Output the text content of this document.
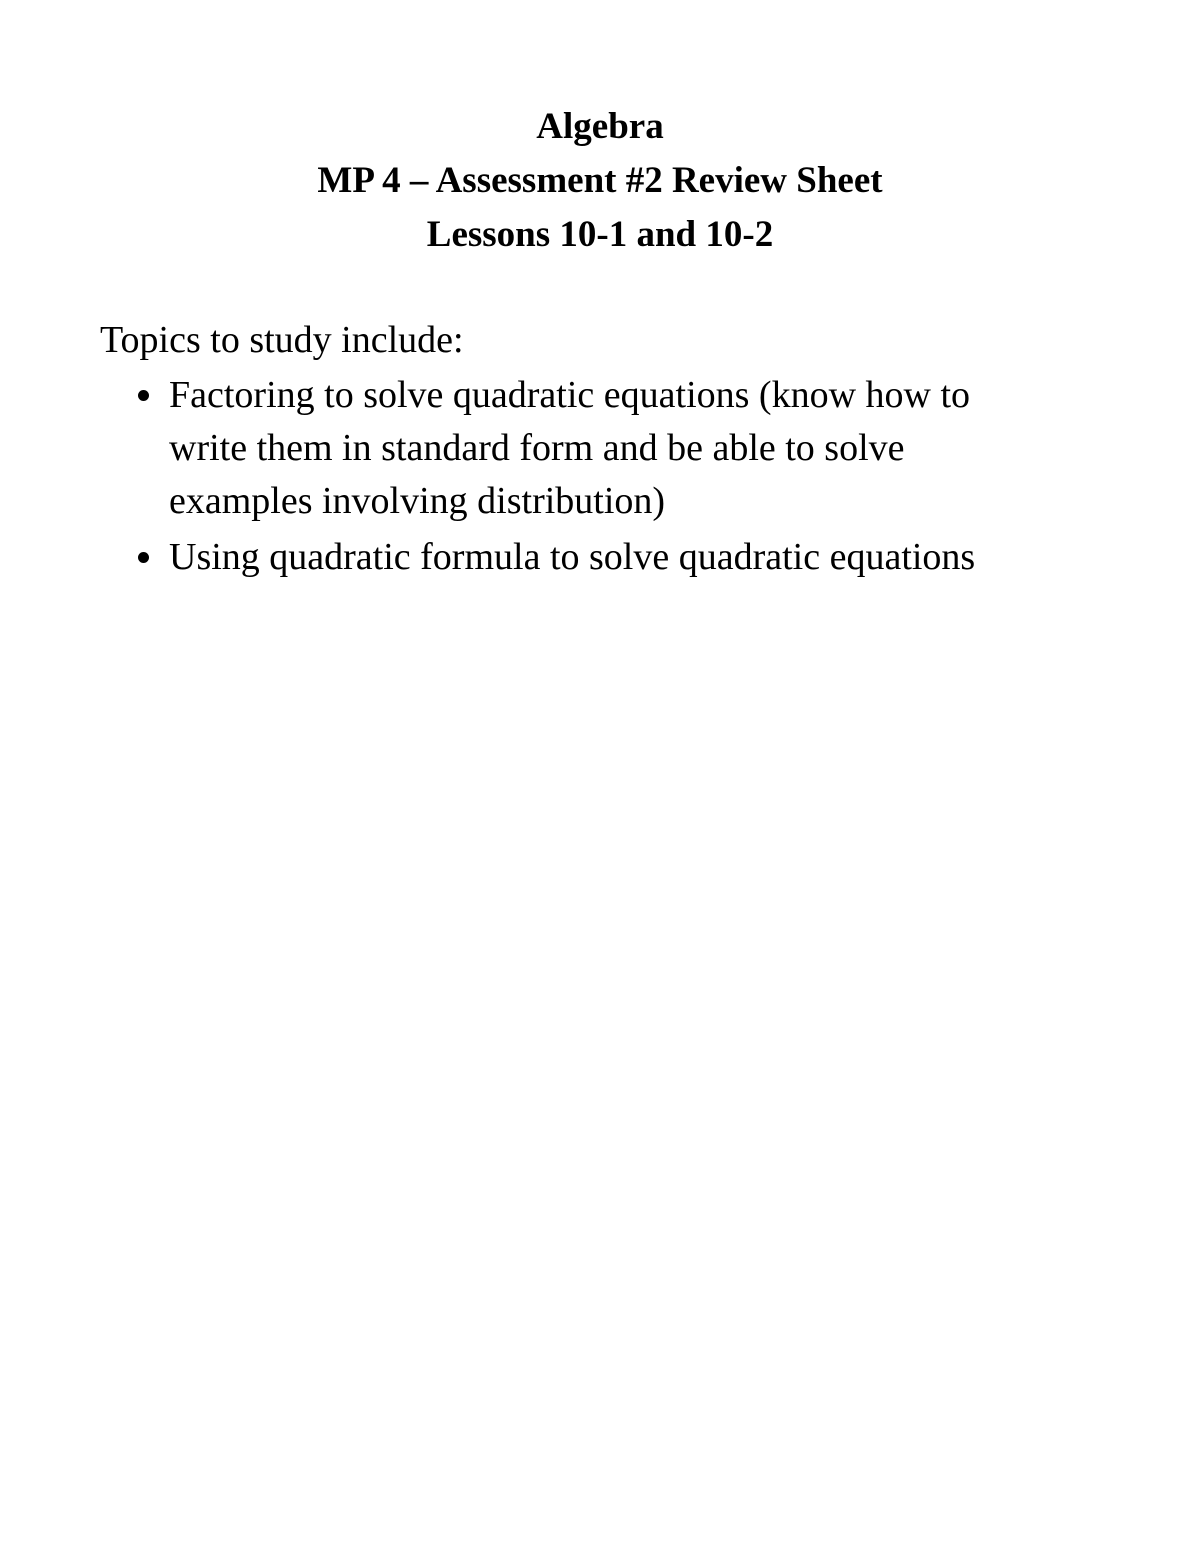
Algebra
MP 4 – Assessment #2 Review Sheet
Lessons 10-1 and 10-2
Topics to study include:
Factoring to solve quadratic equations (know how to
write them in standard form and be able to solve
examples involving distribution)
Using quadratic formula to solve quadratic equations
